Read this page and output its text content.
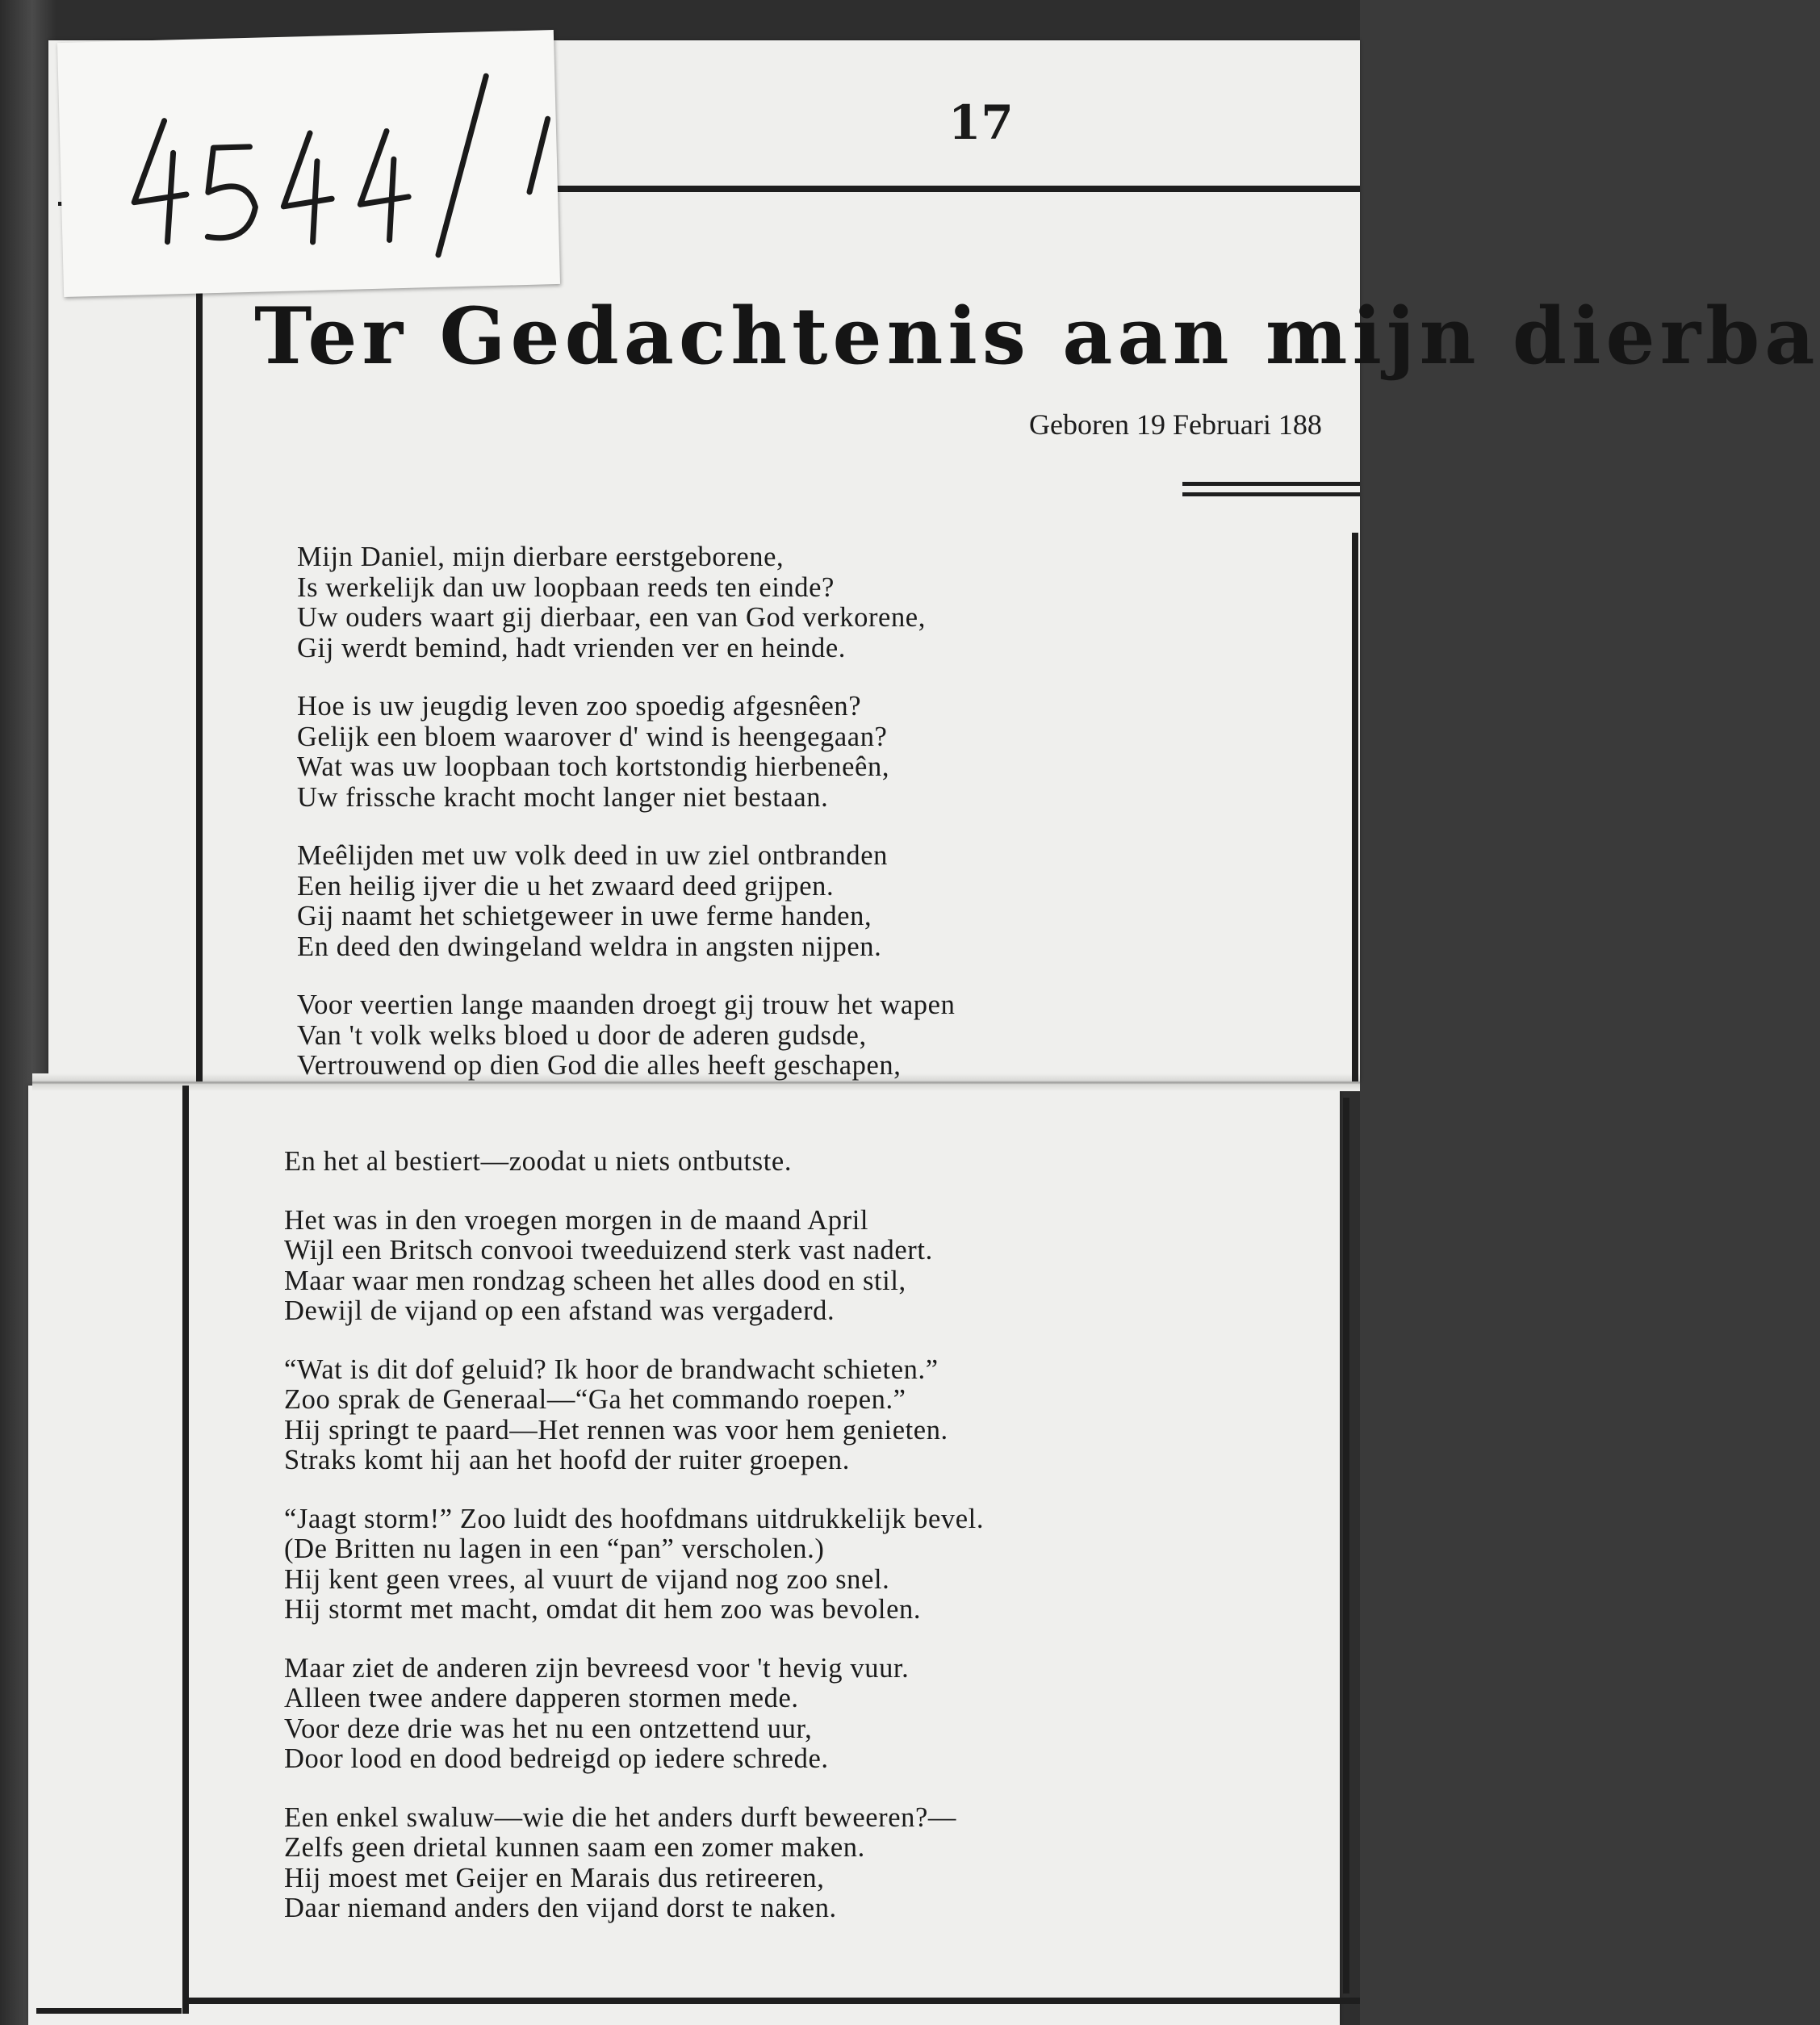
17
Ter Gedachtenis aan mijn dierba
Geboren 19 Februari 188
Mijn Daniel, mijn dierbare eerstgeborene,
Is werkelijk dan uw loopbaan reeds ten einde?
Uw ouders waart gij dierbaar, een van God verkorene,
Gij werdt bemind, hadt vrienden ver en heinde.
Hoe is uw jeugdig leven zoo spoedig afgesnêen?
Gelijk een bloem waarover d' wind is heengegaan?
Wat was uw loopbaan toch kortstondig hierbeneên,
Uw frissche kracht mocht langer niet bestaan.
Meêlijden met uw volk deed in uw ziel ontbranden
Een heilig ijver die u het zwaard deed grijpen.
Gij naamt het schietgeweer in uwe ferme handen,
En deed den dwingeland weldra in angsten nijpen.
Voor veertien lange maanden droegt gij trouw het wapen
Van 't volk welks bloed u door de aderen gudsde,
Vertrouwend op dien God die alles heeft geschapen,
En het al bestiert—zoodat u niets ontbutste.
Het was in den vroegen morgen in de maand April
Wijl een Britsch convooi tweeduizend sterk vast nadert.
Maar waar men rondzag scheen het alles dood en stil,
Dewijl de vijand op een afstand was vergaderd.
“Wat is dit dof geluid? Ik hoor de brandwacht schieten.”
Zoo sprak de Generaal—“Ga het commando roepen.”
Hij springt te paard—Het rennen was voor hem genieten.
Straks komt hij aan het hoofd der ruiter groepen.
“Jaagt storm!” Zoo luidt des hoofdmans uitdrukkelijk bevel.
(De Britten nu lagen in een “pan” verscholen.)
Hij kent geen vrees, al vuurt de vijand nog zoo snel.
Hij stormt met macht, omdat dit hem zoo was bevolen.
Maar ziet de anderen zijn bevreesd voor 't hevig vuur.
Alleen twee andere dapperen stormen mede.
Voor deze drie was het nu een ontzettend uur,
Door lood en dood bedreigd op iedere schrede.
Een enkel swaluw—wie die het anders durft beweeren?—
Zelfs geen drietal kunnen saam een zomer maken.
Hij moest met Geijer en Marais dus retireeren,
Daar niemand anders den vijand dorst te naken.
